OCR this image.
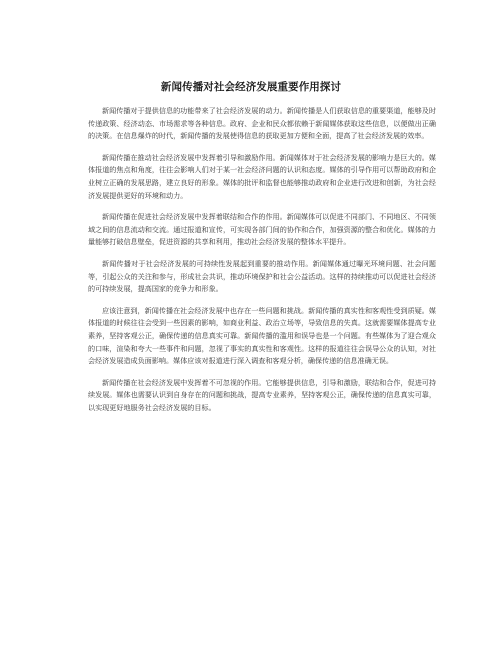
新闻传播对社会经济发展重要作用探讨

新闻传播对于提供信息的功能带来了社会经济发展的动力。新闻传播是人们获取信息的重要渠道，能够及时传递政策、经济动态、市场需求等各种信息。政府、企业和民众都依赖于新闻媒体获取这些信息，以便做出正确的决策。在信息爆炸的时代，新闻传播的发展使得信息的获取更加方便和全面，提高了社会经济发展的效率。

新闻传播在推动社会经济发展中发挥着引导和激励作用。新闻媒体对于社会经济发展的影响力是巨大的。媒体报道的焦点和角度，往往会影响人们对于某一社会经济问题的认识和态度。媒体的引导作用可以帮助政府和企业树立正确的发展思路，建立良好的形象。媒体的批评和监督也能够推动政府和企业进行改进和创新，为社会经济发展提供更好的环境和动力。

新闻传播在促进社会经济发展中发挥着联结和合作的作用。新闻媒体可以促进不同部门、不同地区、不同领域之间的信息流动和交流。通过报道和宣传，可实现各部门间的协作和合作，加强资源的整合和优化。媒体的力量能够打破信息壁垒，促进资源的共享和利用，推动社会经济发展的整体水平提升。

新闻传播对于社会经济发展的可持续性发展起到重要的推动作用。新闻媒体通过曝光环境问题、社会问题等，引起公众的关注和参与，形成社会共识，推动环境保护和社会公益活动。这样的持续推动可以促进社会经济的可持续发展，提高国家的竞争力和形象。

应该注意到，新闻传播在社会经济发展中也存在一些问题和挑战。新闻传播的真实性和客观性受到质疑。媒体报道的时候往往会受到一些因素的影响，如商业利益、政治立场等，导致信息的失真。这就需要媒体提高专业素养，坚持客观公正，确保传递的信息真实可靠。新闻传播的滥用和误导也是一个问题。有些媒体为了迎合观众的口味，渲染和夸大一些事件和问题，忽视了事实的真实性和客观性。这样的报道往往会误导公众的认知，对社会经济发展造成负面影响。媒体应该对报道进行深入调查和客观分析，确保传递的信息准确无误。

新闻传播在社会经济发展中发挥着不可忽视的作用。它能够提供信息，引导和激励，联结和合作，促进可持续发展。媒体也需要认识到自身存在的问题和挑战，提高专业素养，坚持客观公正，确保传递的信息真实可靠，以实现更好地服务社会经济发展的目标。
